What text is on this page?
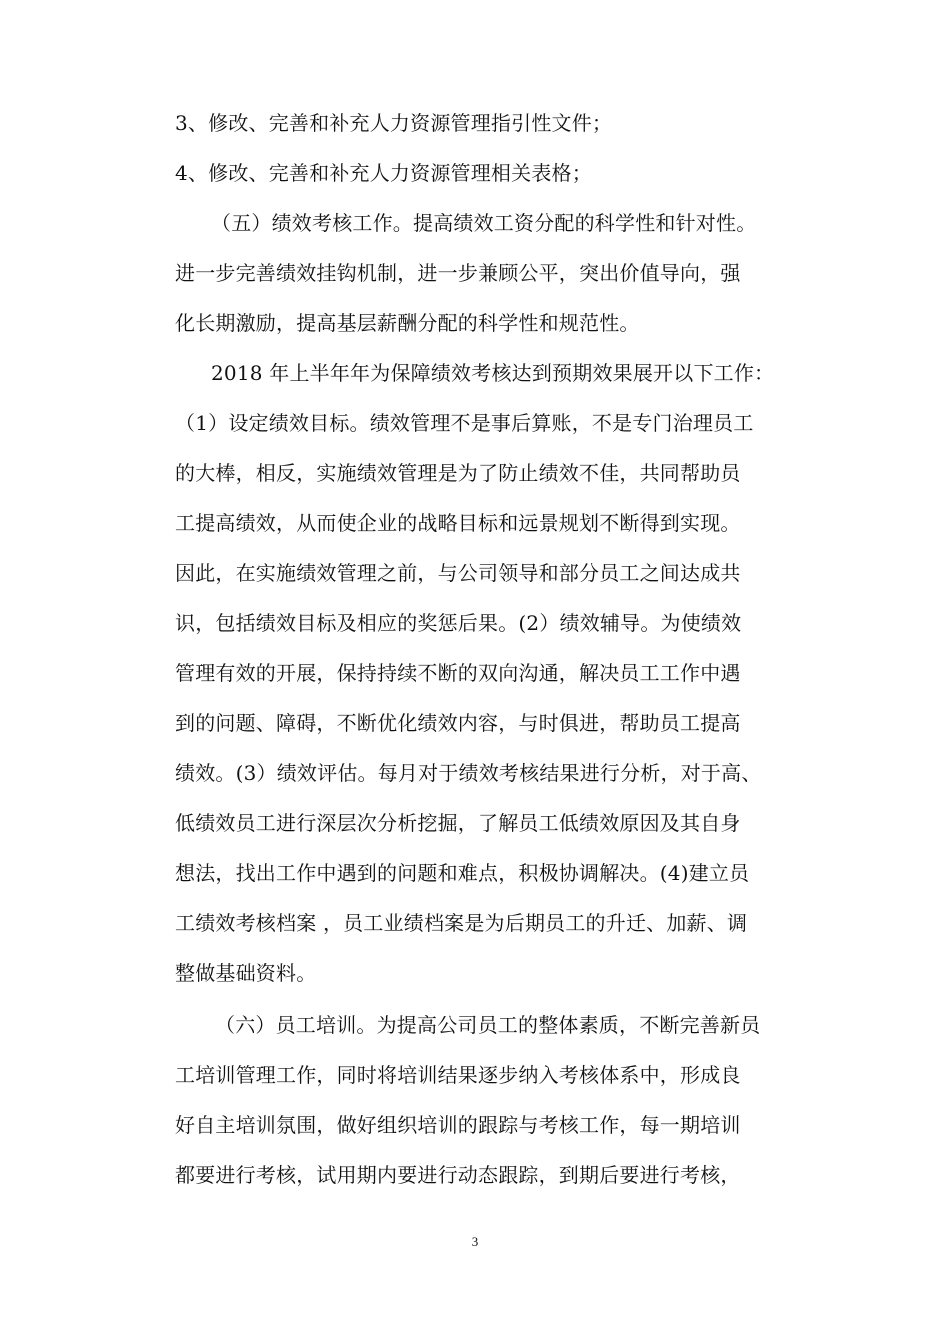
3、修改、完善和补充人力资源管理指引性文件；
4、修改、完善和补充人力资源管理相关表格；
（五）绩效考核工作。提高绩效工资分配的科学性和针对性。
进一步完善绩效挂钩机制，进一步兼顾公平，突出价值导向，强
化长期激励，提高基层薪酬分配的科学性和规范性。
2018 年上半年年为保障绩效考核达到预期效果展开以下工作：
（1）设定绩效目标。绩效管理不是事后算账，不是专门治理员工
的大棒，相反，实施绩效管理是为了防止绩效不佳，共同帮助员
工提高绩效，从而使企业的战略目标和远景规划不断得到实现。
因此，在实施绩效管理之前，与公司领导和部分员工之间达成共
识，包括绩效目标及相应的奖惩后果。(2）绩效辅导。为使绩效
管理有效的开展，保持持续不断的双向沟通，解决员工工作中遇
到的问题、障碍，不断优化绩效内容，与时俱进，帮助员工提高
绩效。(3）绩效评估。每月对于绩效考核结果进行分析，对于高、
低绩效员工进行深层次分析挖掘，了解员工低绩效原因及其自身
想法，找出工作中遇到的问题和难点，积极协调解决。(4)建立员
工绩效考核档案 ，员工业绩档案是为后期员工的升迁、加薪、调
整做基础资料。
（六）员工培训。为提高公司员工的整体素质，不断完善新员
工培训管理工作，同时将培训结果逐步纳入考核体系中，形成良
好自主培训氛围，做好组织培训的跟踪与考核工作，每一期培训
都要进行考核，试用期内要进行动态跟踪，到期后要进行考核，
3
